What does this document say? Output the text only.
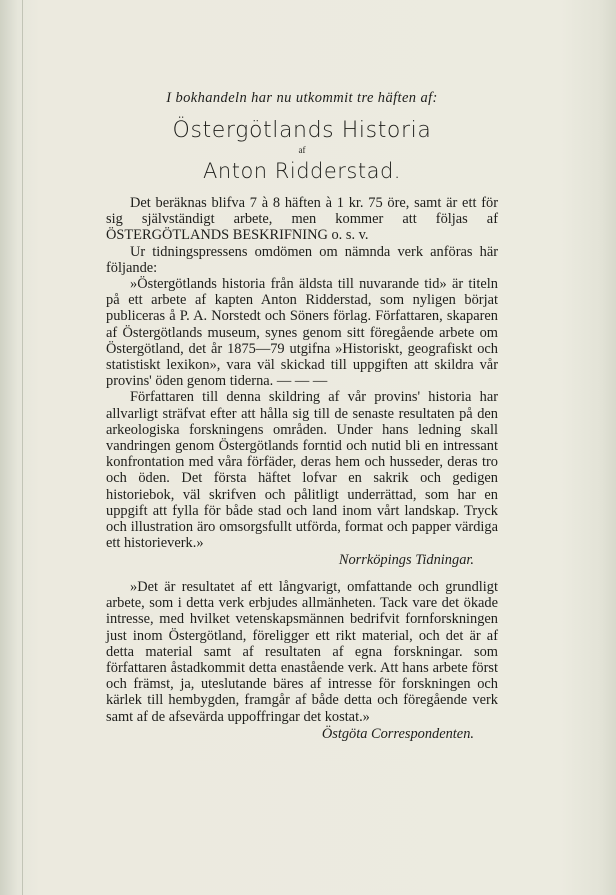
I bokhandeln har nu utkommit tre häften af:
Östergötlands Historia
af
Anton Ridderstad.

Det beräknas blifva 7 à 8 häften à 1 kr. 75 öre, samt är ett för sig självständigt arbete, men kommer att följas af ÖSTERGÖTLANDS BESKRIFNING o. s. v.

Ur tidningspressens omdömen om nämnda verk anföras här följande:

»Östergötlands historia från äldsta till nuvarande tid» är titeln på ett arbete af kapten Anton Ridderstad, som nyligen börjat publiceras å P. A. Norstedt och Söners förlag. Författaren, skaparen af Östergötlands museum, synes genom sitt föregående arbete om Östergötland, det år 1875—79 utgifna »Historiskt, geografiskt och statistiskt lexikon», vara väl skickad till uppgiften att skildra vår provins' öden genom tiderna. — — —

Författaren till denna skildring af vår provins' historia har allvarligt sträfvat efter att hålla sig till de senaste resultaten på den arkeologiska forskningens områden. Under hans ledning skall vandringen genom Östergötlands forntid och nutid bli en intressant konfrontation med våra förfäder, deras hem och husseder, deras tro och öden. Det första häftet lofvar en sakrik och gedigen historiebok, väl skrifven och pålitligt underrättad, som har en uppgift att fylla för både stad och land inom vårt landskap. Tryck och illustration äro omsorgsfullt utförda, format och papper värdiga ett historieverk.»

Norrköpings Tidningar.

»Det är resultatet af ett långvarigt, omfattande och grundligt arbete, som i detta verk erbjudes allmänheten. Tack vare det ökade intresse, med hvilket vetenskapsmännen bedrifvit fornforskningen just inom Östergötland, föreligger ett rikt material, och det är af detta material samt af resultaten af egna forskningar. som författaren åstadkommit detta enastående verk. Att hans arbete först och främst, ja, uteslutande bäres af intresse för forskningen och kärlek till hembygden, framgår af både detta och föregående verk samt af de afsevärda uppoffringar det kostat.»

Östgöta Correspondenten.
